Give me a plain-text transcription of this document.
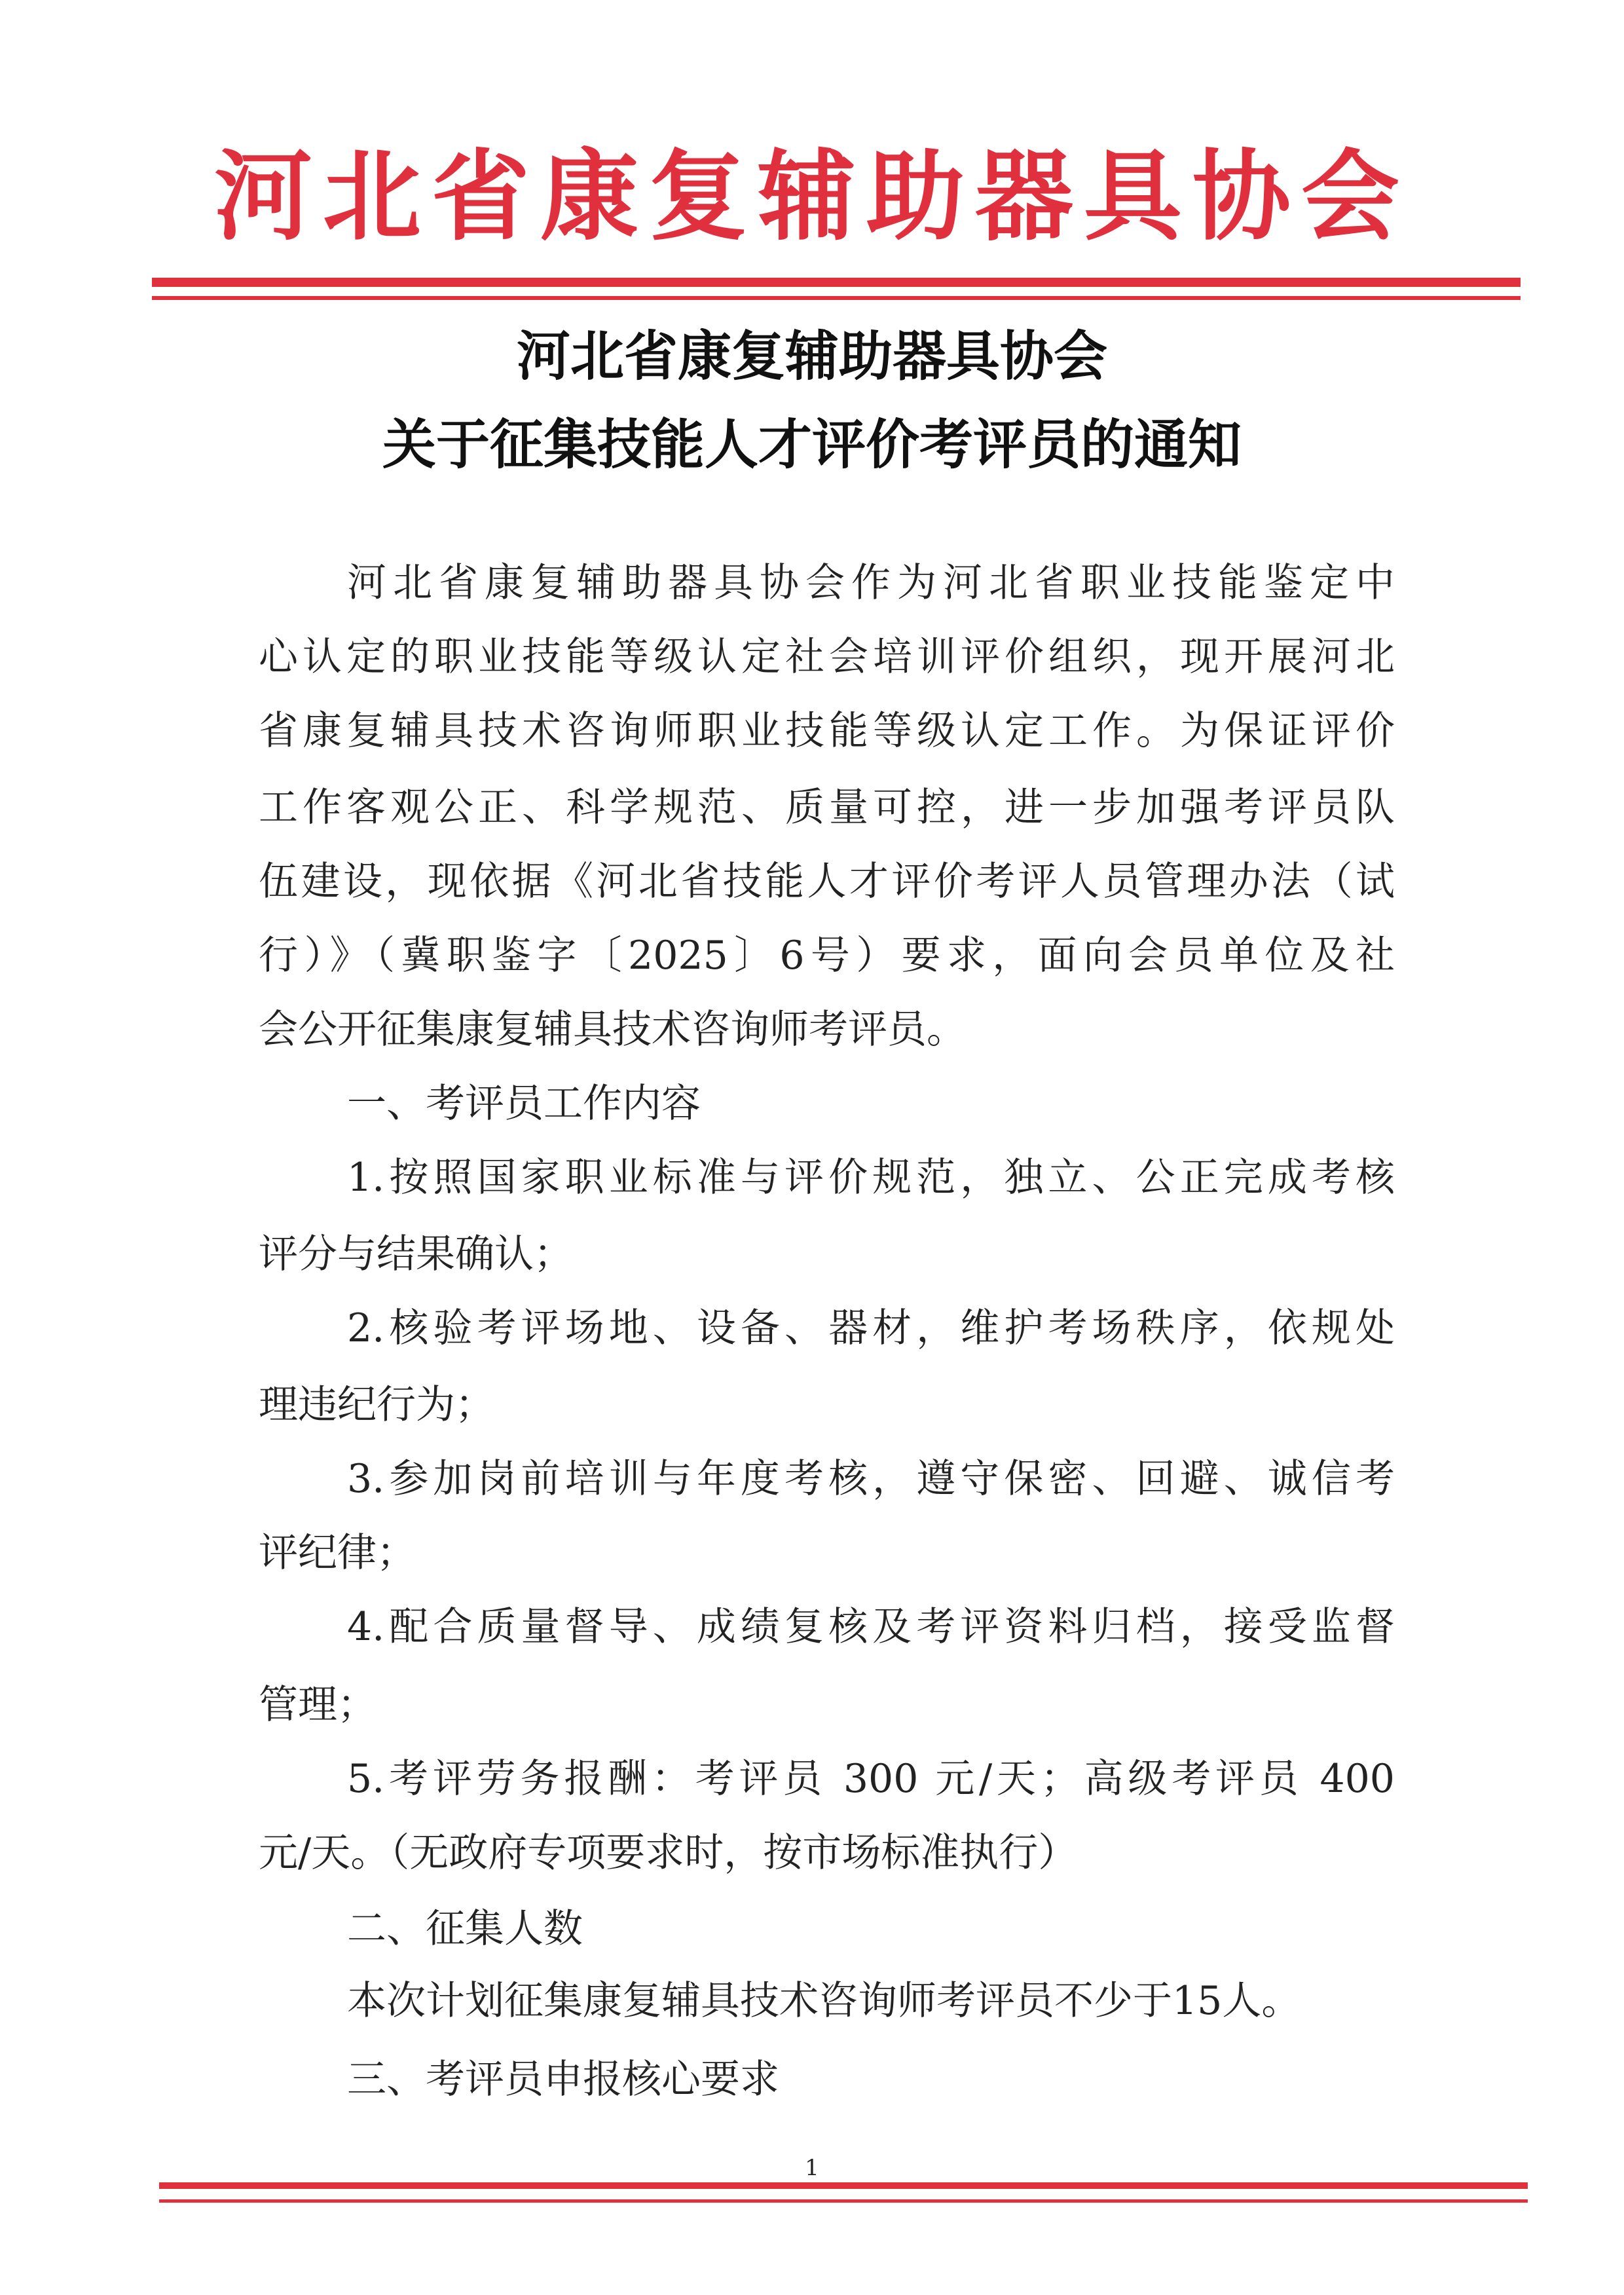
河北省康复辅助器具协会
河北省康复辅助器具协会
关于征集技能人才评价考评员的通知
河北省康复辅助器具协会作为河北省职业技能鉴定中
心认定的职业技能等级认定社会培训评价组织，现开展河北
省康复辅具技术咨询师职业技能等级认定工作。为保证评价
工作客观公正、科学规范、质量可控，进一步加强考评员队
伍建设，现依据《河北省技能人才评价考评人员管理办法（试
行）》（冀职鉴字〔2025〕6号）要求，面向会员单位及社
会公开征集康复辅具技术咨询师考评员。
一、考评员工作内容
1.按照国家职业标准与评价规范，独立、公正完成考核
评分与结果确认；
2.核验考评场地、设备、器材，维护考场秩序，依规处
理违纪行为；
3.参加岗前培训与年度考核，遵守保密、回避、诚信考
评纪律；
4.配合质量督导、成绩复核及考评资料归档，接受监督
管理；
5.考评劳务报酬：考评员 300 元/天；高级考评员 400
元/天。（无政府专项要求时，按市场标准执行）
二、征集人数
本次计划征集康复辅具技术咨询师考评员不少于15人。
三、考评员申报核心要求
1
